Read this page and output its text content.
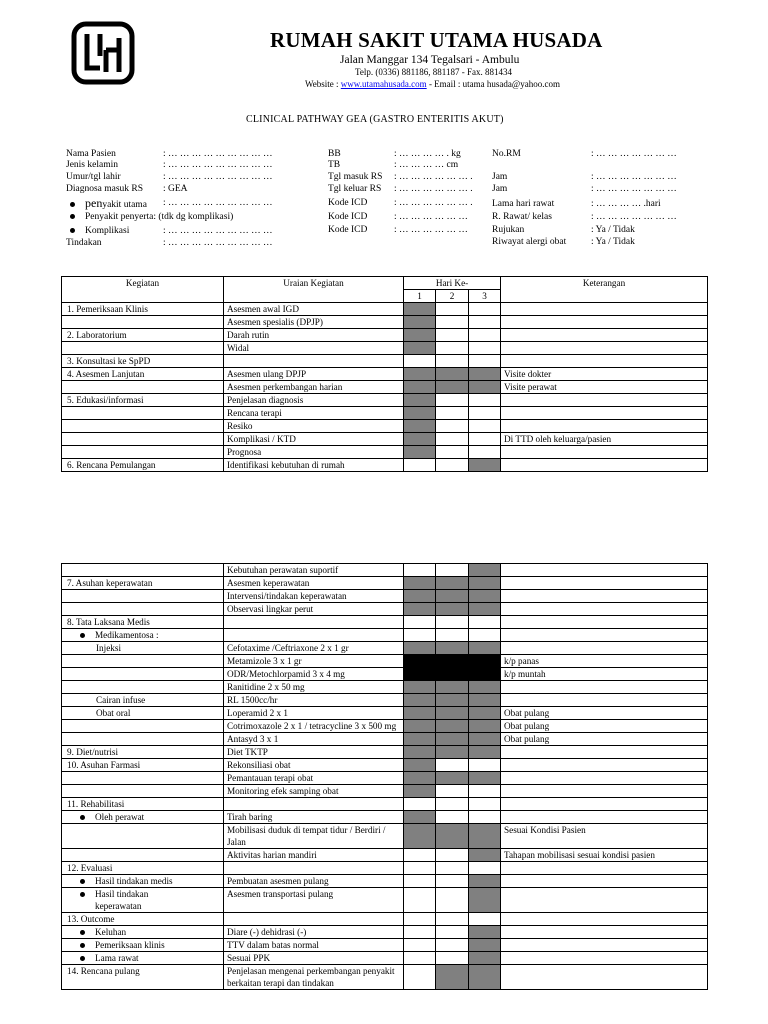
RUMAH SAKIT UTAMA HUSADA
Jalan Manggar 134 Tegalsari - Ambulu
Telp. (0336) 881186, 881187 - Fax. 881434
Website : www.utamahusada.com - Email : utama husada@yahoo.com
CLINICAL PATHWAY GEA (GASTRO ENTERITIS AKUT)
Nama Pasien	: … … … … … … … … …
Jenis kelamin	: … … … … … … … … …
Umur/tgl lahir	: … … … … … … … … …
Diagnosa masuk RS : GEA
penyakit utama : … … … … … … … … …
Penyakit penyerta: (tdk dg komplikasi)
Komplikasi	: … … … … … … … … …
Tindakan	: … … … … … … … … …
BB	: … … … … . kg
TB	: … … … … cm
Tgl masuk RS : … … … … … … .
Tgl keluar RS : … … … … … … .
Kode ICD	: … … … … … … .
Kode ICD	: … … … … … …
Kode ICD	: … … … … … …
No.RM	: … … … … … … …
Jam	: … … … … … … …
Jam	: … … … … … … …
Lama hari rawat	: … … … … .hari
R. Rawat/ kelas	: … … … … … … …
Rujukan	: Ya / Tidak
Riwayat alergi obat	: Ya / Tidak
Kegiatan	Uraian Kegiatan	Hari Ke-			Keterangan
		1	2	3	
1. Pemeriksaan Klinis	Asesmen awal IGD				
	Asesmen spesialis (DPJP)				
2. Laboratorium	Darah rutin				
	Widal				
3. Konsultasi ke SpPD					
4. Asesmen Lanjutan	Asesmen ulang DPJP				Visite dokter
	Asesmen perkembangan harian				Visite perawat
5. Edukasi/informasi	Penjelasan diagnosis				
	Rencana terapi				
	Resiko				
	Komplikasi / KTD				Di TTD oleh keluarga/pasien
	Prognosa				
6. Rencana Pemulangan	Identifikasi kebutuhan di rumah				
	Kebutuhan perawatan suportif				
7. Asuhan keperawatan	Asesmen keperawatan				
	Intervensi/tindakan keperawatan				
	Observasi lingkar perut				
8. Tata Laksana Medis					
Medikamentosa :					
Injeksi	Cefotaxime /Ceftriaxone 2 x 1 gr				
	Metamizole 3 x 1 gr				k/p panas
	ODR/Metochlorpamid 3 x 4 mg				k/p muntah
	Ranitidine 2 x 50 mg				
Cairan infuse	RL 1500cc/hr				
Obat oral	Loperamid 2 x 1				Obat pulang
	Cotrimoxazole 2 x 1 / tetracycline 3 x 500 mg				Obat pulang
	Antasyd 3 x 1				Obat pulang
9. Diet/nutrisi	Diet TKTP				
10. Asuhan Farmasi	Rekonsiliasi obat				
	Pemantauan terapi obat				
	Monitoring efek samping obat				
11. Rehabilitasi					
Oleh perawat	Tirah baring				
	Mobilisasi duduk di tempat tidur / Berdiri / Jalan				Sesuai Kondisi Pasien
	Aktivitas harian mandiri				Tahapan mobilisasi sesuai kondisi pasien
12. Evaluasi					
Hasil tindakan medis	Pembuatan asesmen pulang				
Hasil tindakan keperawatan	Asesmen transportasi pulang				
13. Outcome					
Keluhan	Diare (-) dehidrasi (-)				
Pemeriksaan klinis	TTV dalam batas normal				
Lama rawat	Sesuai PPK				
14. Rencana pulang	Penjelasan mengenai perkembangan penyakit berkaitan terapi dan tindakan				
